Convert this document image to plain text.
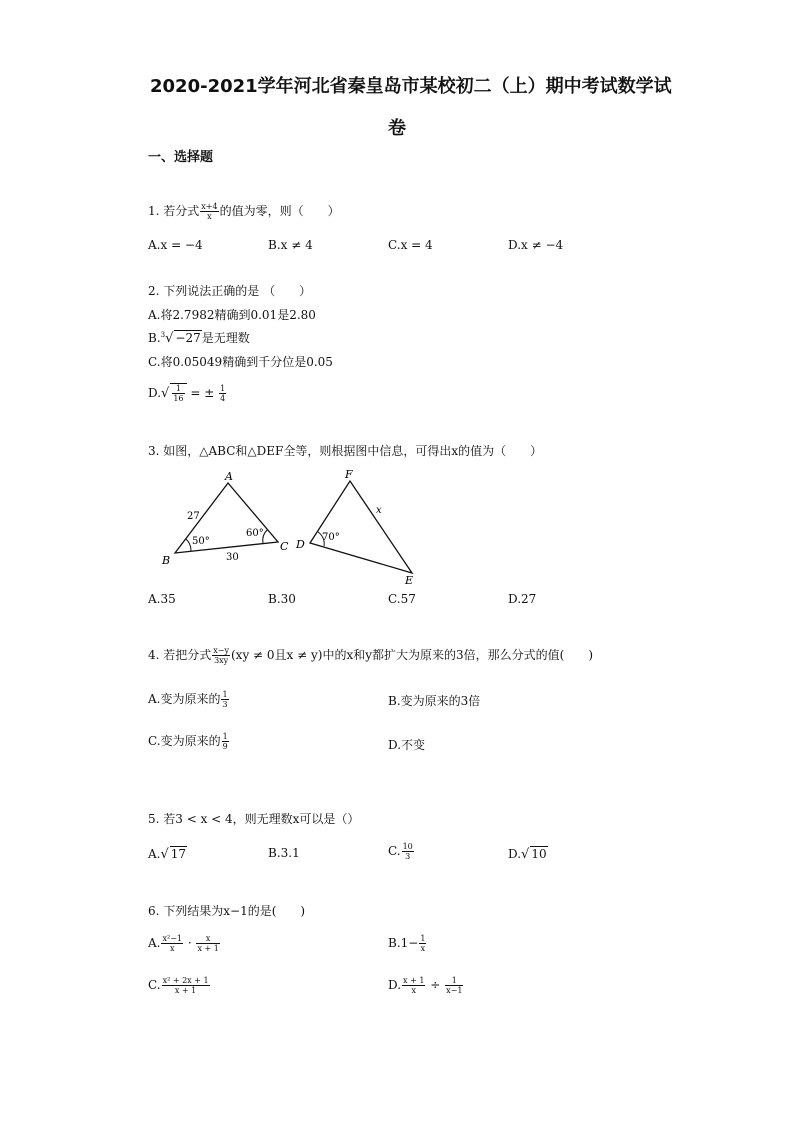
2020-2021学年河北省秦皇岛市某校初二（上）期中考试数学试
卷
一、选择题
1. 若分式 $\frac{x+4}{x}$ 的值为零，则（　　）
A.x = −4	B.x ≠ 4	C.x = 4	D.x ≠ −4
2. 下列说法正确的是 （　　）
A.将2.7982精确到0.01是2.80
B.$^3$√ −27是无理数
C.将0.05049精确到千分位是0.05
$D.√ \frac{1}{16}$ = ± $\frac{1}{4}$
3. 如图，△ABC和△DEF全等，则根据图中信息，可得出x的值为（　　）
A
B
C
27
30
50°
60°
F
D
E
70°
x
A.35	B.30	C.57	D.27
4. 若把分式 $\frac{x-y}{3xy} (xy \ne 0$且x ≠ y)中的x和y都扩大为原来的3倍，那么分式的值(　　)
A.变为原来的 $\frac{1}{3}$	B.变为原来的3倍
C.变为原来的 $\frac{1}{9}$	D.不变
5. 若3 < x < 4，则无理数x可以是（）
A.√ 17	B.3.1	C. $\frac{10}{3}$	D.√ 10
6. 下列结果为x−1的是(　　)
A. $\frac{\text{x²−1}}{x} \cdot \frac{x}{x + 1}$	$B.1- \frac{1}{x}$
C. $\frac{\text{x² + 2x + 1}}{x + 1}$	D. $\frac{x + 1}{x} \div \frac{1}{x-1}$
